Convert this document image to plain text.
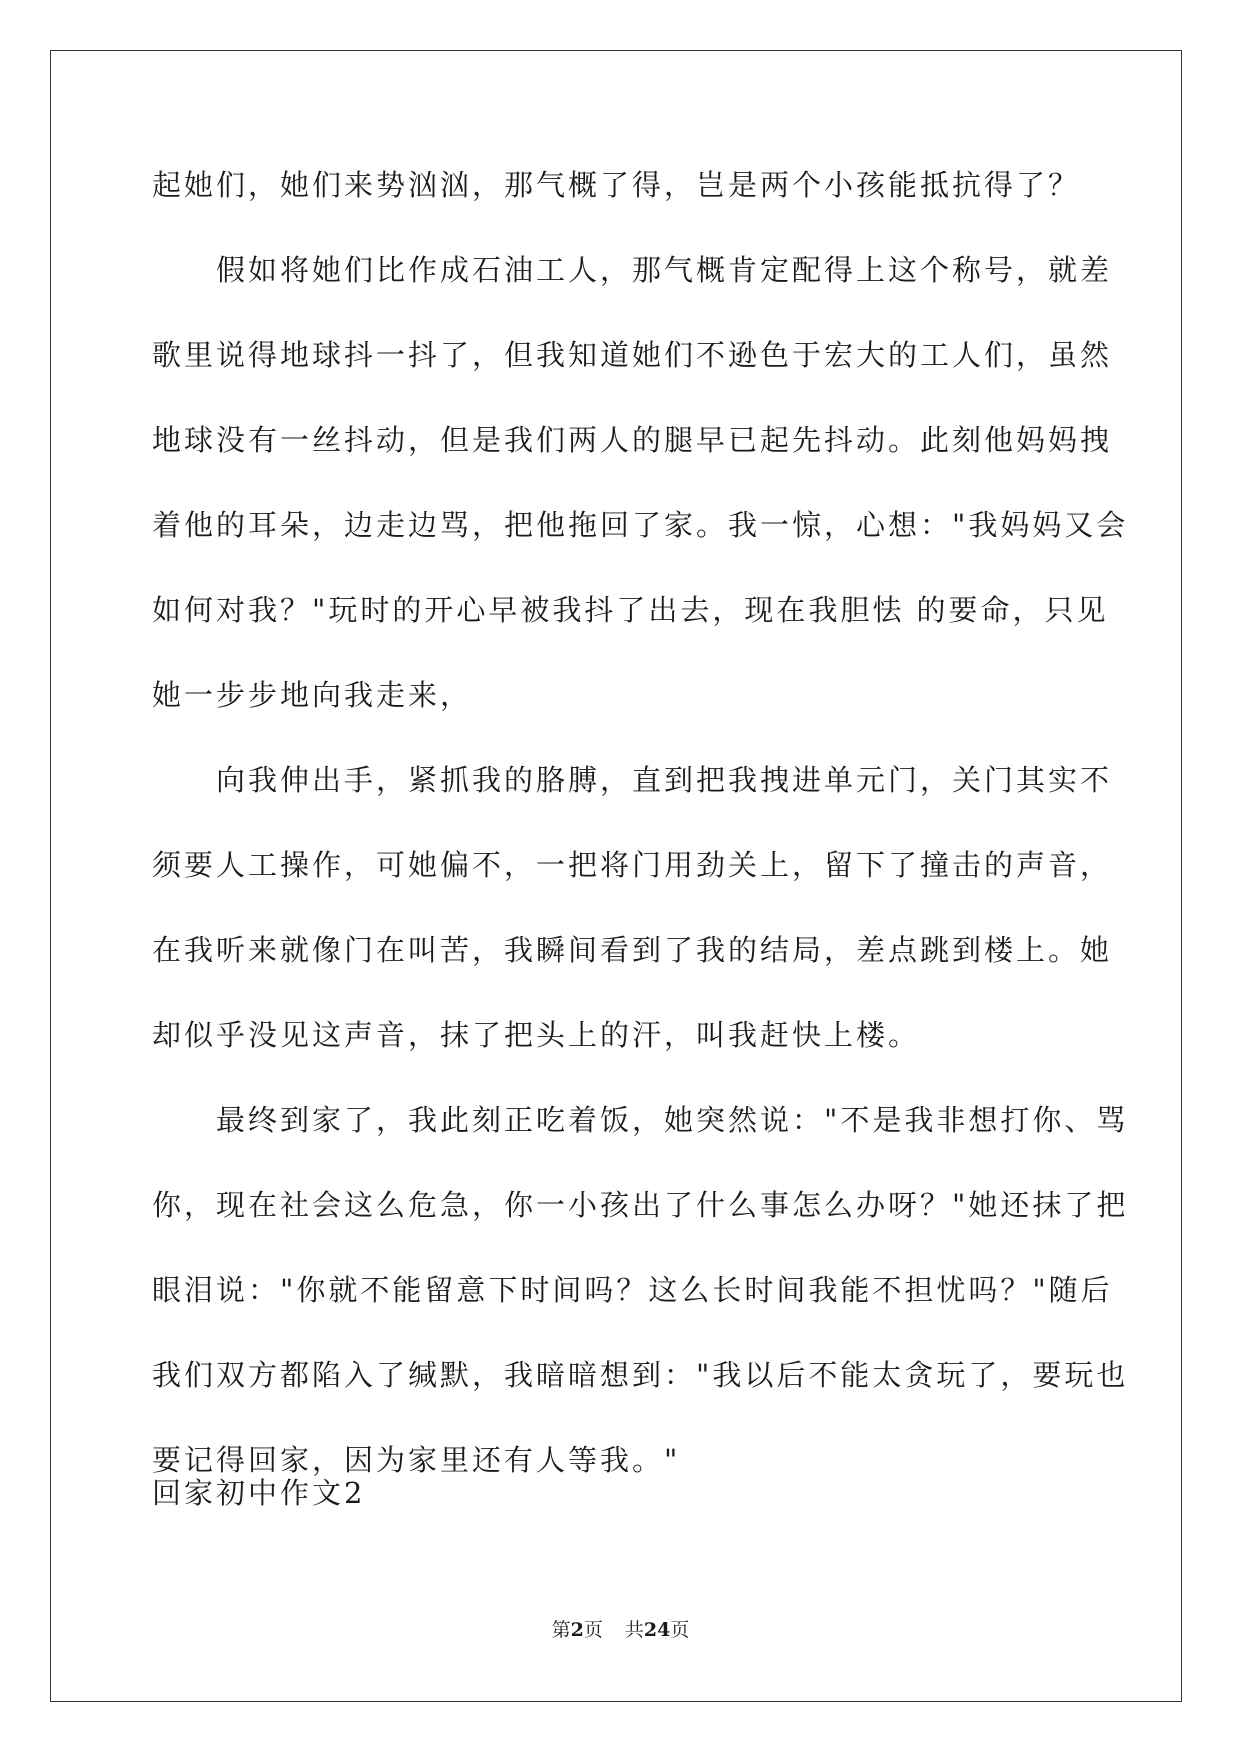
起她们，她们来势汹汹，那气概了得，岂是两个小孩能抵抗得了？
假如将她们比作成石油工人，那气概肯定配得上这个称号，就差
歌里说得地球抖一抖了，但我知道她们不逊色于宏大的工人们，虽然
地球没有一丝抖动，但是我们两人的腿早已起先抖动。此刻他妈妈拽
着他的耳朵，边走边骂，把他拖回了家。我一惊，心想："我妈妈又会
如何对我？"玩时的开心早被我抖了出去，现在我胆怯 的要命，只见
她一步步地向我走来，
向我伸出手，紧抓我的胳膊，直到把我拽进单元门，关门其实不
须要人工操作，可她偏不，一把将门用劲关上，留下了撞击的声音，
在我听来就像门在叫苦，我瞬间看到了我的结局，差点跳到楼上。她
却似乎没见这声音，抹了把头上的汗，叫我赶快上楼。
最终到家了，我此刻正吃着饭，她突然说："不是我非想打你、骂
你，现在社会这么危急，你一小孩出了什么事怎么办呀？"她还抹了把
眼泪说："你就不能留意下时间吗？这么长时间我能不担忧吗？"随后
我们双方都陷入了缄默，我暗暗想到："我以后不能太贪玩了，要玩也
要记得回家，因为家里还有人等我。"
回家初中作文2
第2页 共24页
